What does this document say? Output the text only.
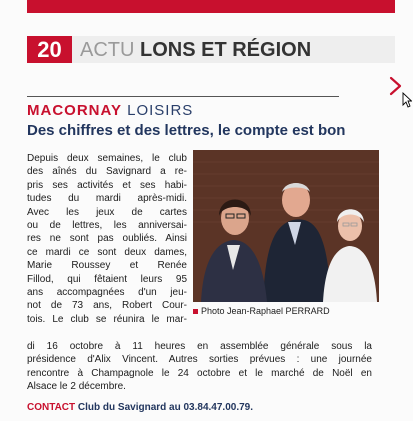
20 ACTU LONS ET RÉGION
MACORNAY LOISIRS
Des chiffres et des lettres, le compte est bon
Depuis deux semaines, le club
des aînés du Savignard a re-
pris ses activités et ses habi-
tudes du mardi après-midi.
Avec les jeux de cartes
ou de lettres, les anniversai-
res ne sont pas oubliés. Ainsi
ce mardi ce sont deux dames,
Marie Roussey et Renée
Fillod, qui fêtaient leurs 95
ans accompagnées d'un jeu-
not de 73 ans, Robert Cour-
tois. Le club se réunira le mar-
Photo Jean-Raphael PERRARD
di 16 octobre à 11 heures en assemblée générale sous la
présidence d'Alix Vincent. Autres sorties prévues : une journée
rencontre à Champagnole le 24 octobre et le marché de Noël en
Alsace le 2 décembre.
CONTACT Club du Savignard au 03.84.47.00.79.
